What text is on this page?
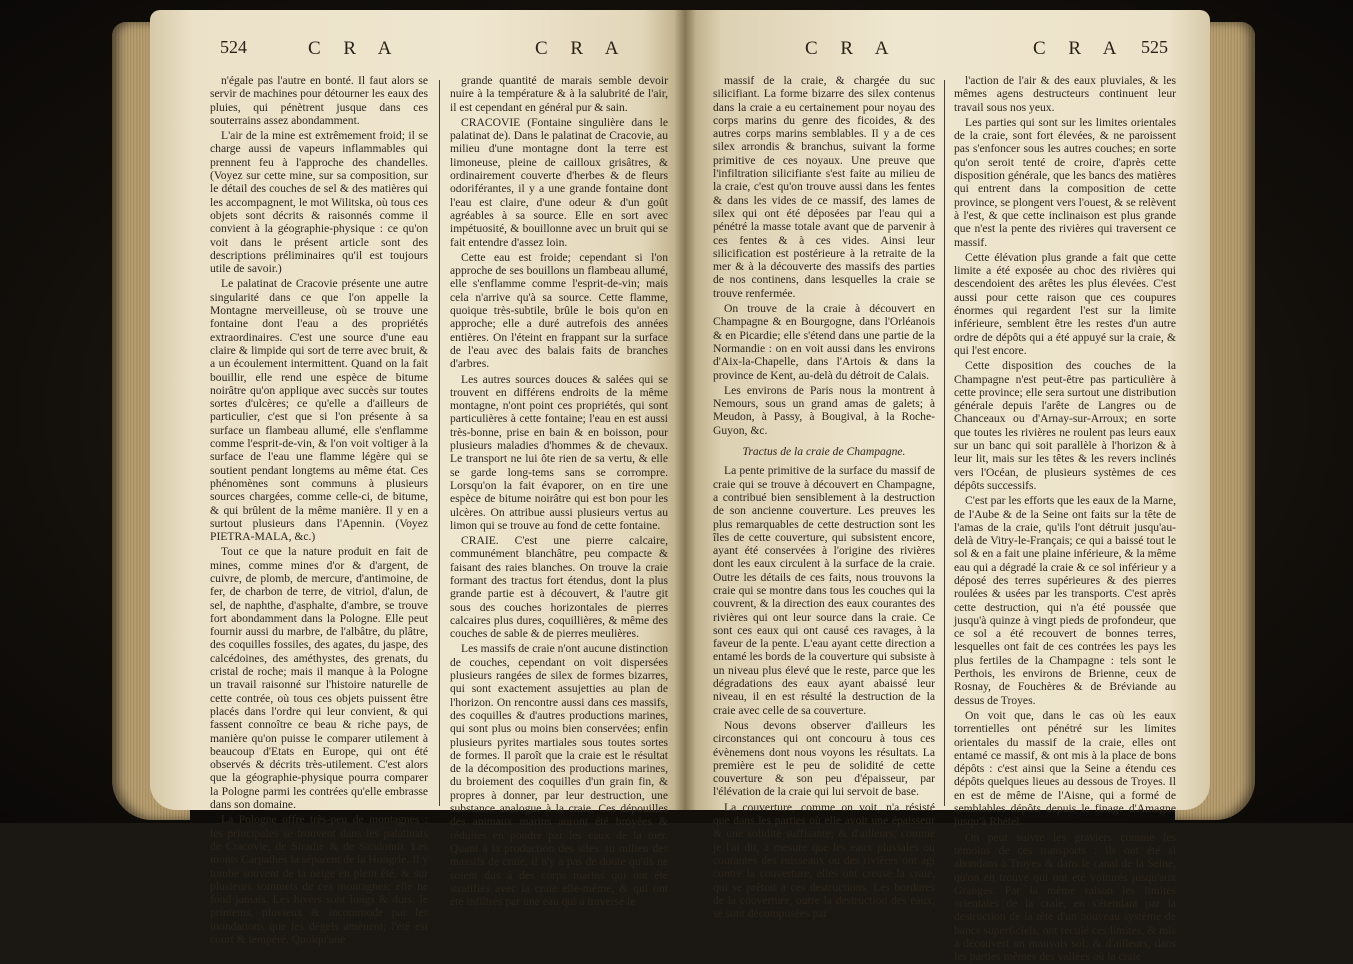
524	C R A	C R A

n'égale pas l'autre en bonté. Il faut alors se servir de machines pour détourner les eaux des pluies, qui pénètrent jusque dans ces souterrains assez abondamment.

L'air de la mine est extrêmement froid; il se charge aussi de vapeurs inflammables qui prennent feu à l'approche des chandelles. (Voyez sur cette mine, sur sa composition, sur le détail des couches de sel & des matières qui les accompagnent, le mot Wilitska, où tous ces objets sont décrits & raisonnés comme il convient à la géographie-physique : ce qu'on voit dans le présent article sont des descriptions préliminaires qu'il est toujours utile de savoir.)

Le palatinat de Cracovie présente une autre singularité dans ce que l'on appelle la Montagne merveilleuse, où se trouve une fontaine dont l'eau a des propriétés extraordinaires. C'est une source d'une eau claire & limpide qui sort de terre avec bruit, & a un écoulement intermittent. Quand on la fait bouillir, elle rend une espèce de bitume noirâtre qu'on applique avec succès sur toutes sortes d'ulcères; ce qu'elle a d'ailleurs de particulier, c'est que si l'on présente à sa surface un flambeau allumé, elle s'enflamme comme l'esprit-de-vin, & l'on voit voltiger à la surface de l'eau une flamme légère qui se soutient pendant longtems au même état. Ces phénomènes sont communs à plusieurs sources chargées, comme celle-ci, de bitume, & qui brûlent de la même manière. Il y en a surtout plusieurs dans l'Apennin. (Voyez PIETRA-MALA, &c.)

Tout ce que la nature produit en fait de mines, comme mines d'or & d'argent, de cuivre, de plomb, de mercure, d'antimoine, de fer, de charbon de terre, de vitriol, d'alun, de sel, de naphthe, d'asphalte, d'ambre, se trouve fort abondamment dans la Pologne. Elle peut fournir aussi du marbre, de l'albâtre, du plâtre, des coquilles fossiles, des agates, du jaspe, des calcédoines, des améthystes, des grenats, du cristal de roche; mais il manque à la Pologne un travail raisonné sur l'histoire naturelle de cette contrée, où tous ces objets puissent être placés dans l'ordre qui leur convient, & qui fassent connoître ce beau & riche pays, de manière qu'on puisse le comparer utilement à beaucoup d'Etats en Europe, qui ont été observés & décrits très-utilement. C'est alors que la géographie-physique pourra comparer la Pologne parmi les contrées qu'elle embrasse dans son domaine.

La Pologne offre très-peu de montagnes : les principales se trouvent dans les palatinats de Cracovie, de Siradie & de Sandomir. Les monts Carpathes la séparent de la Hongrie. Il y tombe souvent de la neige en plein été, & sur plusieurs sommets de ces montagnes; elle ne fond jamais. Les hivers sont longs & durs; le printems, pluvieux & incommode par les inondations que les dégels amènent; l'été est court & tempéré. Quoiqu'une

grande quantité de marais semble devoir nuire à la température & à la salubrité de l'air, il est cependant en général pur & sain.

CRACOVIE (Fontaine singulière dans le palatinat de). Dans le palatinat de Cracovie, au milieu d'une montagne dont la terre est limoneuse, pleine de cailloux grisâtres, & ordinairement couverte d'herbes & de fleurs odoriférantes, il y a une grande fontaine dont l'eau est claire, d'une odeur & d'un goût agréables à sa source. Elle en sort avec impétuosité, & bouillonne avec un bruit qui se fait entendre d'assez loin.

Cette eau est froide; cependant si l'on approche de ses bouillons un flambeau allumé, elle s'enflamme comme l'esprit-de-vin; mais cela n'arrive qu'à sa source. Cette flamme, quoique très-subtile, brûle le bois qu'on en approche; elle a duré autrefois des années entières. On l'éteint en frappant sur la surface de l'eau avec des balais faits de branches d'arbres.

Les autres sources douces & salées qui se trouvent en différens endroits de la même montagne, n'ont point ces propriétés, qui sont particulières à cette fontaine; l'eau en est aussi très-bonne, prise en bain & en boisson, pour plusieurs maladies d'hommes & de chevaux. Le transport ne lui ôte rien de sa vertu, & elle se garde long-tems sans se corrompre. Lorsqu'on la fait évaporer, on en tire une espèce de bitume noirâtre qui est bon pour les ulcères. On attribue aussi plusieurs vertus au limon qui se trouve au fond de cette fontaine.

CRAIE. C'est une pierre calcaire, communément blanchâtre, peu compacte & faisant des raies blanches. On trouve la craie formant des tractus fort étendus, dont la plus grande partie est à découvert, & l'autre git sous des couches horizontales de pierres calcaires plus dures, coquillières, & même des couches de sable & de pierres meulières.

Les massifs de craie n'ont aucune distinction de couches, cependant on voit dispersées plusieurs rangées de silex de formes bizarres, qui sont exactement assujetties au plan de l'horizon. On rencontre aussi dans ces massifs, des coquilles & d'autres productions marines, qui sont plus ou moins bien conservées; enfin plusieurs pyrites martiales sous toutes sortes de formes. Il paroît que la craie est le résultat de la décomposition des productions marines, du broiement des coquilles d'un grain fin, & propres à donner, par leur destruction, une substance analogue à la craie. Ces dépouilles des animaux marins auront été broyées & réduites en poudre par les eaux de la mer. Quant à la production des silex au milieu des massifs de craie, il n'y a pas de doute qu'ils ne soient dus à des corps marins qui ont été stratifiés avec la craie elle-même, & qui ont été infiltrés par une eau qui a traversé le

C R A	C R A 525

massif de la craie, & chargée du suc silicifiant. La forme bizarre des silex contenus dans la craie a eu certainement pour noyau des corps marins du genre des ficoides, & des autres corps marins semblables. Il y a de ces silex arrondis & branchus, suivant la forme primitive de ces noyaux. Une preuve que l'infiltration silicifiante s'est faite au milieu de la craie, c'est qu'on trouve aussi dans les fentes & dans les vides de ce massif, des lames de silex qui ont été déposées par l'eau qui a pénétré la masse totale avant que de parvenir à ces fentes & à ces vides. Ainsi leur silicification est postérieure à la retraite de la mer & à la découverte des massifs des parties de nos continens, dans lesquelles la craie se trouve renfermée.

On trouve de la craie à découvert en Champagne & en Bourgogne, dans l'Orléanois & en Picardie; elle s'étend dans une partie de la Normandie : on en voit aussi dans les environs d'Aix-la-Chapelle, dans l'Artois & dans la province de Kent, au-delà du détroit de Calais.

Les environs de Paris nous la montrent à Nemours, sous un grand amas de galets; à Meudon, à Passy, à Bougival, à la Roche-Guyon, &c.

Tractus de la craie de Champagne.

La pente primitive de la surface du massif de craie qui se trouve à découvert en Champagne, a contribué bien sensiblement à la destruction de son ancienne couverture. Les preuves les plus remarquables de cette destruction sont les îles de cette couverture, qui subsistent encore, ayant été conservées à l'origine des rivières dont les eaux circulent à la surface de la craie. Outre les détails de ces faits, nous trouvons la craie qui se montre dans tous les couches qui la couvrent, & la direction des eaux courantes des rivières qui ont leur source dans la craie. Ce sont ces eaux qui ont causé ces ravages, à la faveur de la pente. L'eau ayant cette direction a entamé les bords de la couverture qui subsiste à un niveau plus élevé que le reste, parce que les dégradations des eaux ayant abaissé leur niveau, il en est résulté la destruction de la craie avec celle de sa couverture.

Nous devons observer d'ailleurs les circonstances qui ont concouru à tous ces évènemens dont nous voyons les résultats. La première est le peu de solidité de cette couverture & son peu d'épaisseur, par l'élévation de la craie qui lui servoit de base.

La couverture, comme on voit, n'a résisté que dans les parties où elle avoit une épaisseur & une solidité suffisante; & d'ailleurs, comme je l'ai dit, à mesure que les eaux pluviales ou courantes des ruisseaux ou des rivières ont agi contre la couverture, elles ont creusé la craie, qui se prêtoit à ces destructions. Les bordures de la couverture, outre la destruction des eaux, se sont décomposées par

l'action de l'air & des eaux pluviales, & les mêmes agens destructeurs continuent leur travail sous nos yeux.

Les parties qui sont sur les limites orientales de la craie, sont fort élevées, & ne paroissent pas s'enfoncer sous les autres couches; en sorte qu'on seroit tenté de croire, d'après cette disposition générale, que les bancs des matières qui entrent dans la composition de cette province, se plongent vers l'ouest, & se relèvent à l'est, & que cette inclinaison est plus grande que n'est la pente des rivières qui traversent ce massif.

Cette élévation plus grande a fait que cette limite a été exposée au choc des rivières qui descendoient des arêtes les plus élevées. C'est aussi pour cette raison que ces coupures énormes qui regardent l'est sur la limite inférieure, semblent être les restes d'un autre ordre de dépôts qui a été appuyé sur la craie, & qui l'est encore.

Cette disposition des couches de la Champagne n'est peut-être pas particulière à cette province; elle sera surtout une distribution générale depuis l'arête de Langres ou de Chanceaux ou d'Arnay-sur-Arroux; en sorte que toutes les rivières ne roulent pas leurs eaux sur un banc qui soit parallèle à l'horizon & à leur lit, mais sur les têtes & les revers inclinés vers l'Océan, de plusieurs systèmes de ces dépôts successifs.

C'est par les efforts que les eaux de la Marne, de l'Aube & de la Seine ont faits sur la tête de l'amas de la craie, qu'ils l'ont détruit jusqu'au-delà de Vitry-le-Français; ce qui a baissé tout le sol & en a fait une plaine inférieure, & la même eau qui a dégradé la craie & ce sol inférieur y a déposé des terres supérieures & des pierres roulées & usées par les transports. C'est après cette destruction, qui n'a été poussée que jusqu'à quinze à vingt pieds de profondeur, que ce sol a été recouvert de bonnes terres, lesquelles ont fait de ces contrées les pays les plus fertiles de la Champagne : tels sont le Perthois, les environs de Brienne, ceux de Rosnay, de Fouchères & de Bréviande au dessus de Troyes.

On voit que, dans le cas où les eaux torrentielles ont pénétré sur les limites orientales du massif de la craie, elles ont entamé ce massif, & ont mis à la place de bons dépôts : c'est ainsi que la Seine a étendu ces dépôts quelques lieues au dessous de Troyes. Il en est de même de l'Aisne, qui a formé de semblables dépôts depuis le finage d'Amagne jusqu'à Rhétel.

On peut suivre les graviers comme les témoins de ces transports : ils ont été si abondans à Troyes & dans le canal de la Seine, qu'on en trouve qui ont été voiturés jusqu'aux Granges. Par la même raison les limites orientales de la craie, en s'étendant par la destruction de la tête d'un nouveau système de bancs superficiels, ont reculé ces limites, & mis à découvert un mauvais sol; & d'ailleurs, dans les parties mêmes des vallées où la craie
